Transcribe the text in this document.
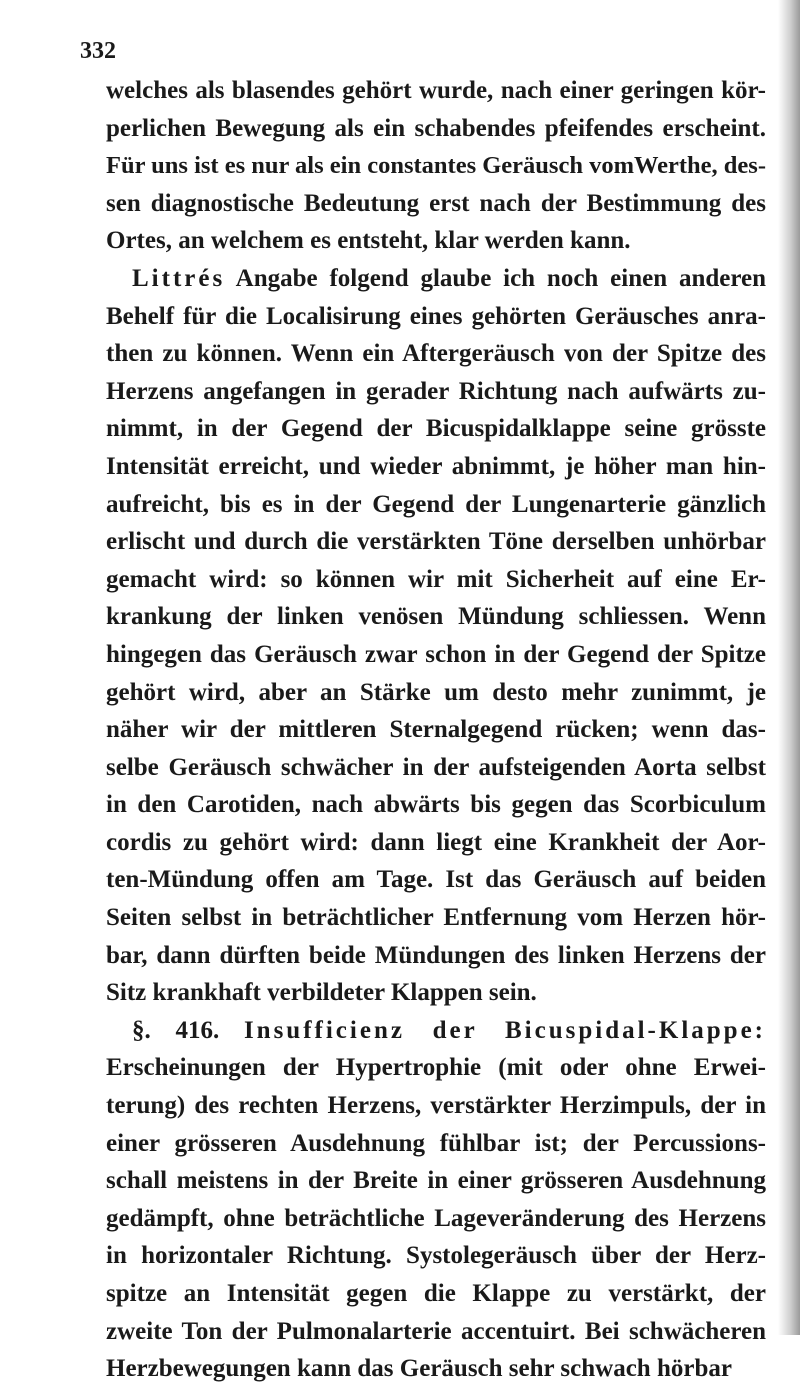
332
welches als blasendes gehört wurde, nach einer geringen kör-
perlichen Bewegung als ein schabendes pfeifendes erscheint.
Für uns ist es nur als ein constantes Geräusch vomWerthe, des-
sen diagnostische Bedeutung erst nach der Bestimmung des
Ortes, an welchem es entsteht, klar werden kann.
Littrés Angabe folgend glaube ich noch einen anderen
Behelf für die Localisirung eines gehörten Geräusches anra-
then zu können. Wenn ein Aftergeräusch von der Spitze des
Herzens angefangen in gerader Richtung nach aufwärts zu-
nimmt, in der Gegend der Bicuspidalklappe seine grösste
Intensität erreicht, und wieder abnimmt, je höher man hin-
aufreicht, bis es in der Gegend der Lungenarterie gänzlich
erlischt und durch die verstärkten Töne derselben unhörbar
gemacht wird: so können wir mit Sicherheit auf eine Er-
krankung der linken venösen Mündung schliessen. Wenn
hingegen das Geräusch zwar schon in der Gegend der Spitze
gehört wird, aber an Stärke um desto mehr zunimmt, je
näher wir der mittleren Sternalgegend rücken; wenn das-
selbe Geräusch schwächer in der aufsteigenden Aorta selbst
in den Carotiden, nach abwärts bis gegen das Scorbiculum
cordis zu gehört wird: dann liegt eine Krankheit der Aor-
ten-Mündung offen am Tage. Ist das Geräusch auf beiden
Seiten selbst in beträchtlicher Entfernung vom Herzen hör-
bar, dann dürften beide Mündungen des linken Herzens der
Sitz krankhaft verbildeter Klappen sein.
§. 416. Insufficienz der Bicuspidal-Klappe:
Erscheinungen der Hypertrophie (mit oder ohne Erwei-
terung) des rechten Herzens, verstärkter Herzimpuls, der in
einer grösseren Ausdehnung fühlbar ist; der Percussions-
schall meistens in der Breite in einer grösseren Ausdehnung
gedämpft, ohne beträchtliche Lageveränderung des Herzens
in horizontaler Richtung. Systolegeräusch über der Herz-
spitze an Intensität gegen die Klappe zu verstärkt, der
zweite Ton der Pulmonalarterie accentuirt. Bei schwächeren
Herzbewegungen kann das Geräusch sehr schwach hörbar
